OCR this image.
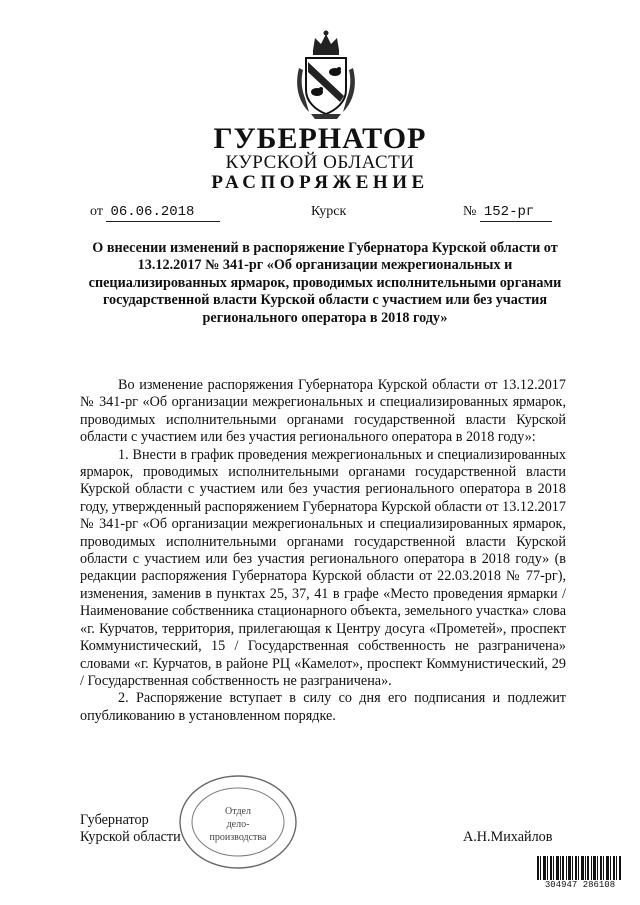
ГУБЕРНАТОР
КУРСКОЙ ОБЛАСТИ
РАСПОРЯЖЕНИЕ
от 06.06.2018	Курск	№ 152-рг
О внесении изменений в распоряжение Губернатора Курской области от 13.12.2017 № 341-рг «Об организации межрегиональных и специализированных ярмарок, проводимых исполнительными органами государственной власти Курской области с участием или без участия регионального оператора в 2018 году»

Во изменение распоряжения Губернатора Курской области от 13.12.2017 № 341-рг «Об организации межрегиональных и специализированных ярмарок, проводимых исполнительными органами государственной власти Курской области с участием или без участия регионального оператора в 2018 году»:

1. Внести в график проведения межрегиональных и специализированных ярмарок, проводимых исполнительными органами государственной власти Курской области с участием или без участия регионального оператора в 2018 году, утвержденный распоряжением Губернатора Курской области от 13.12.2017 № 341-рг «Об организации межрегиональных и специализированных ярмарок, проводимых исполнительными органами государственной власти Курской области с участием или без участия регионального оператора в 2018 году» (в редакции распоряжения Губернатора Курской области от 22.03.2018 № 77-рг), изменения, заменив в пунктах 25, 37, 41 в графе «Место проведения ярмарки / Наименование собственника стационарного объекта, земельного участка» слова «г. Курчатов, территория, прилегающая к Центру досуга «Прометей», проспект Коммунистический, 15 / Государственная собственность не разграничена» словами «г. Курчатов, в районе РЦ «Камелот», проспект Коммунистический, 29 / Государственная собственность не разграничена».

2. Распоряжение вступает в силу со дня его подписания и подлежит опубликованию в установленном порядке.

Отдел
дело-
производства
Губернатор
Курской области	А.Н.Михайлов
304947 286108
